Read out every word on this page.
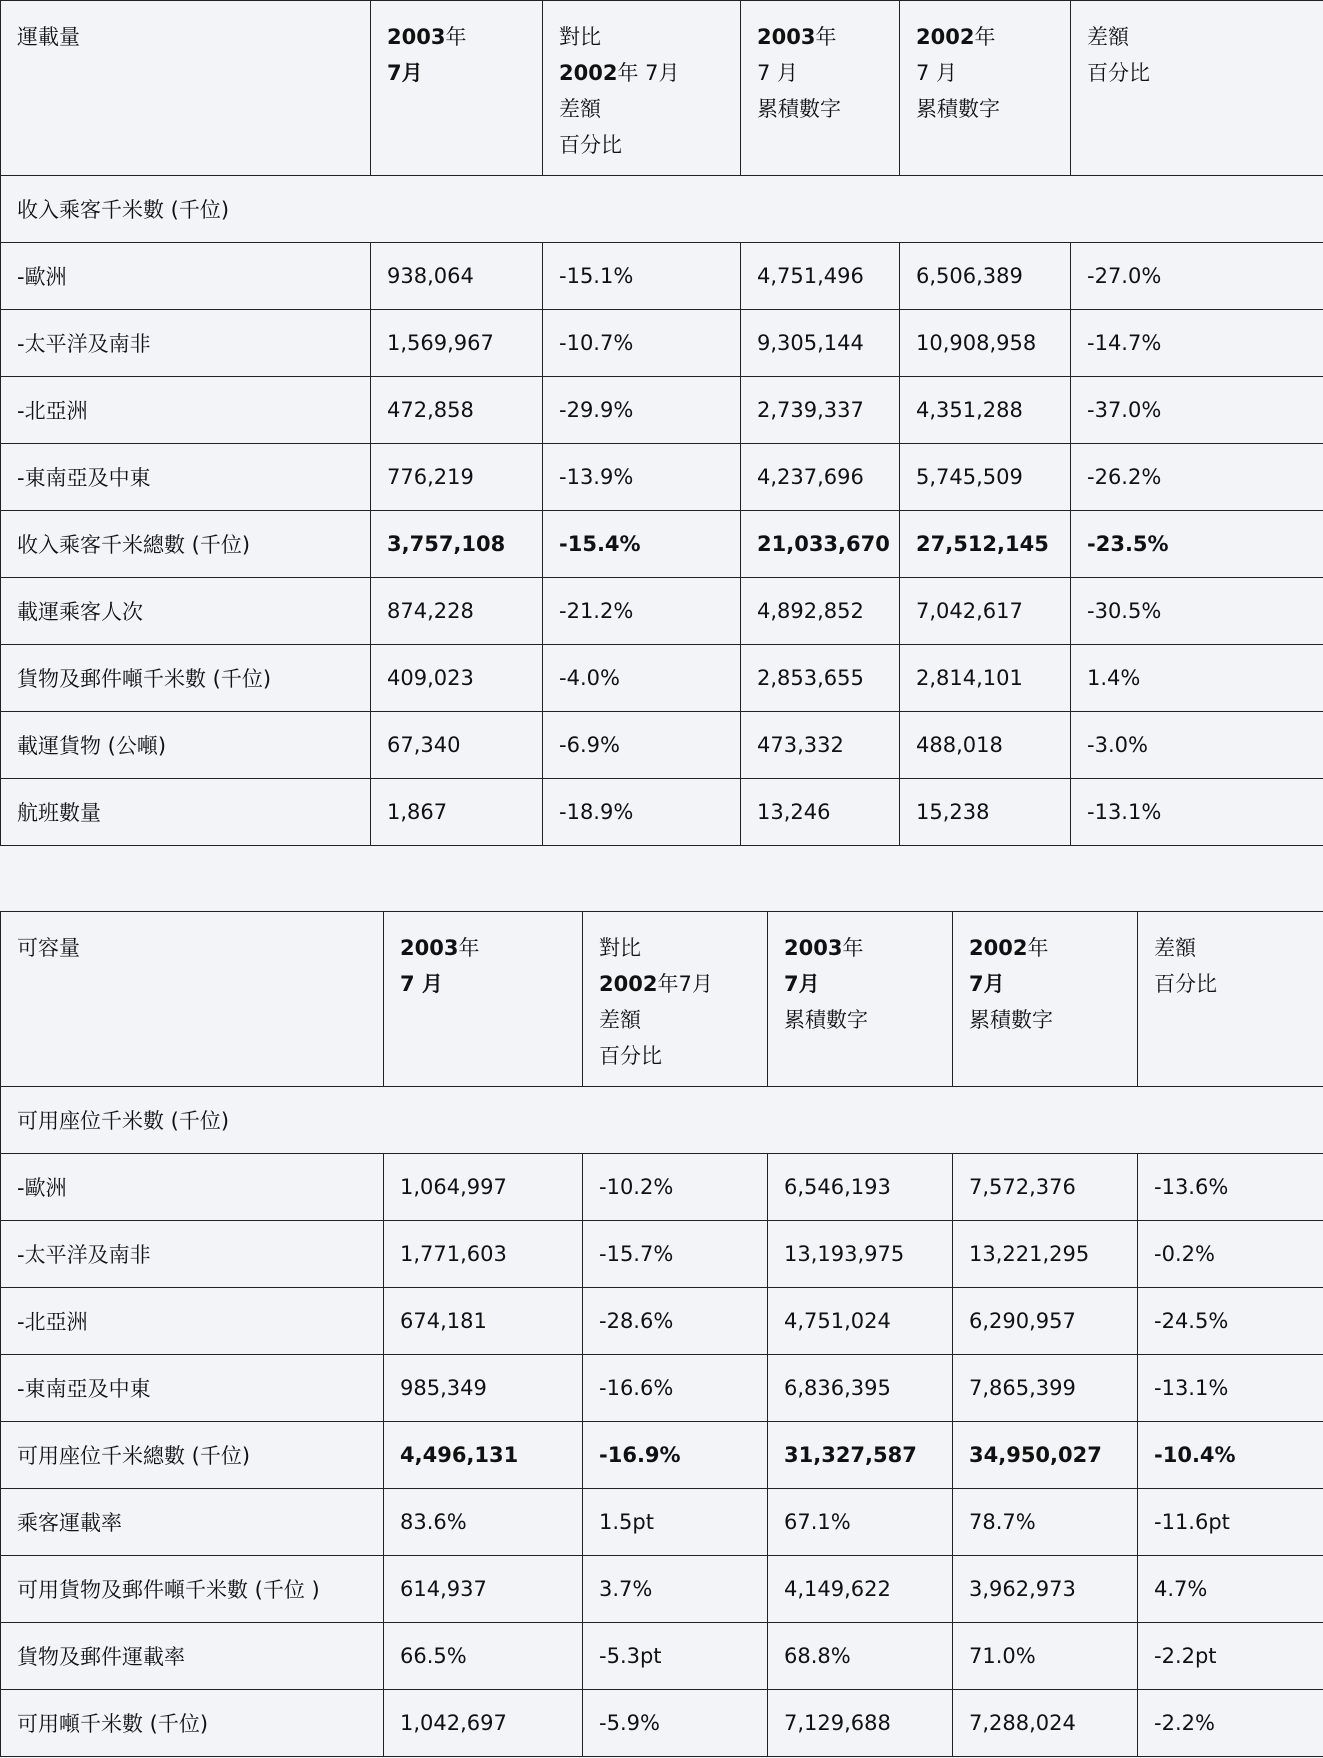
運載量	2003年
7月	對比
2002年 7月
差額
百分比	2003年
7 月
累積數字	2002年
7 月
累積數字	差額
百分比

收入乘客千米數 (千位)					
-歐洲	938,064	-15.1%	4,751,496	6,506,389	-27.0%
-太平洋及南非	1,569,967	-10.7%	9,305,144	10,908,958	-14.7%
-北亞洲	472,858	-29.9%	2,739,337	4,351,288	-37.0%
-東南亞及中東	776,219	-13.9%	4,237,696	5,745,509	-26.2%
收入乘客千米總數 (千位)	3,757,108	-15.4%	21,033,670	27,512,145	-23.5%
載運乘客人次	874,228	-21.2%	4,892,852	7,042,617	-30.5%
貨物及郵件噸千米數 (千位)	409,023	-4.0%	2,853,655	2,814,101	1.4%
載運貨物 (公噸)	67,340	-6.9%	473,332	488,018	-3.0%
航班數量	1,867	-18.9%	13,246	15,238	-13.1%
可容量	2003年
7 月	對比
2002年7月
差額
百分比	2003年
7月
累積數字	2002年
7月
累積數字	差額
百分比

可用座位千米數 (千位)					
-歐洲	1,064,997	-10.2%	6,546,193	7,572,376	-13.6%
-太平洋及南非	1,771,603	-15.7%	13,193,975	13,221,295	-0.2%
-北亞洲	674,181	-28.6%	4,751,024	6,290,957	-24.5%
-東南亞及中東	985,349	-16.6%	6,836,395	7,865,399	-13.1%
可用座位千米總數 (千位)	4,496,131	-16.9%	31,327,587	34,950,027	-10.4%
乘客運載率	83.6%	1.5pt	67.1%	78.7%	-11.6pt
可用貨物及郵件噸千米數 (千位 )	614,937	3.7%	4,149,622	3,962,973	4.7%
貨物及郵件運載率	66.5%	-5.3pt	68.8%	71.0%	-2.2pt
可用噸千米數 (千位)	1,042,697	-5.9%	7,129,688	7,288,024	-2.2%
